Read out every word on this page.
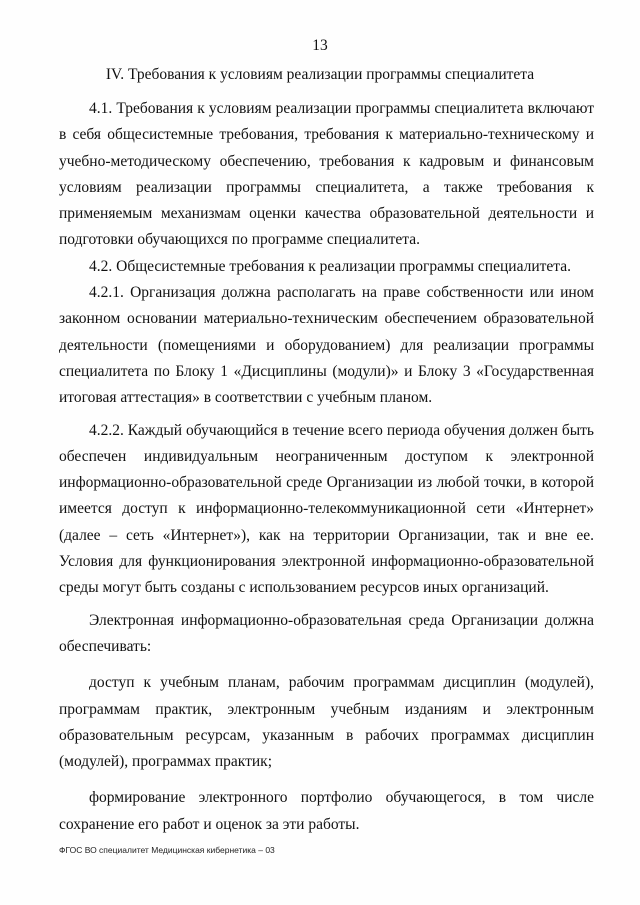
13
IV. Требования к условиям реализации программы специалитета

4.1. Требования к условиям реализации программы специалитета включают в себя общесистемные требования, требования к материально-техническому и учебно-методическому обеспечению, требования к кадровым и финансовым условиям реализации программы специалитета, а также требования к применяемым механизмам оценки качества образовательной деятельности и подготовки обучающихся по программе специалитета.

4.2. Общесистемные требования к реализации программы специалитета.

4.2.1. Организация должна располагать на праве собственности или ином законном основании материально-техническим обеспечением образовательной деятельности (помещениями и оборудованием) для реализации программы специалитета по Блоку 1 «Дисциплины (модули)» и Блоку 3 «Государственная итоговая аттестация» в соответствии с учебным планом.

4.2.2. Каждый обучающийся в течение всего периода обучения должен быть обеспечен индивидуальным неограниченным доступом к электронной информационно-образовательной среде Организации из любой точки, в которой имеется доступ к информационно-телекоммуникационной сети «Интернет» (далее – сеть «Интернет»), как на территории Организации, так и вне ее. Условия для функционирования электронной информационно-образовательной среды могут быть созданы с использованием ресурсов иных организаций.

Электронная информационно-образовательная среда Организации должна обеспечивать:

доступ к учебным планам, рабочим программам дисциплин (модулей), программам практик, электронным учебным изданиям и электронным образовательным ресурсам, указанным в рабочих программах дисциплин (модулей), программах практик;

формирование электронного портфолио обучающегося, в том числе сохранение его работ и оценок за эти работы.

ФГОС ВО специалитет Медицинская кибернетика – 03
